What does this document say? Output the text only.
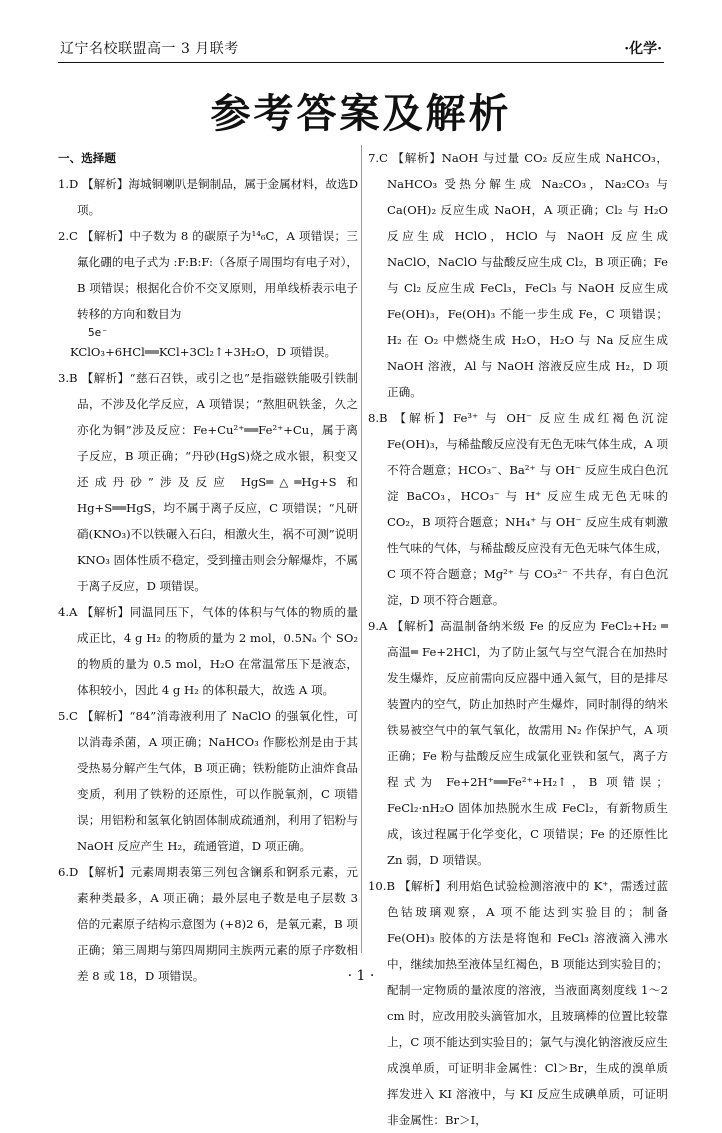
辽宁名校联盟高一 3 月联考	·化学·
参考答案及解析
一、选择题

1.D 【解析】海城铜喇叭是铜制品，属于金属材料，故选D项。

2.C 【解析】中子数为 8 的碳原子为¹⁴₆C，A 项错误；三氟化硼的电子式为 :F:B:F:（各原子周围均有电子对），B 项错误；根据化合价不交叉原则，用单线桥表示电子转移的方向和数目为

5e⁻

KClO₃+6HCl══KCl+3Cl₂↑+3H₂O，D 项错误。

3.B 【解析】“慈石召铁，或引之也”是指磁铁能吸引铁制品，不涉及化学反应，A 项错误；“熬胆矾铁釜，久之亦化为铜”涉及反应：Fe+Cu²⁺══Fe²⁺+Cu，属于离子反应，B 项正确；“丹砂(HgS)烧之成水银，积变又还成丹砂”涉及反应 HgS═△═Hg+S 和 Hg+S══HgS，均不属于离子反应，C 项错误；“凡研硝(KNO₃)不以铁碾入石臼，相激火生，祸不可测”说明 KNO₃ 固体性质不稳定，受到撞击则会分解爆炸，不属于离子反应，D 项错误。

4.A 【解析】同温同压下，气体的体积与气体的物质的量成正比，4 g H₂ 的物质的量为 2 mol，0.5Nₐ 个 SO₂ 的物质的量为 0.5 mol，H₂O 在常温常压下是液态，体积较小，因此 4 g H₂ 的体积最大，故选 A 项。

5.C 【解析】“84”消毒液利用了 NaClO 的强氧化性，可以消毒杀菌，A 项正确；NaHCO₃ 作膨松剂是由于其受热易分解产生气体，B 项正确；铁粉能防止油炸食品变质，利用了铁粉的还原性，可以作脱氧剂，C 项错误；用铝粉和氢氧化钠固体制成疏通剂，利用了铝粉与 NaOH 反应产生 H₂，疏通管道，D 项正确。

6.D 【解析】元素周期表第三列包含镧系和锕系元素，元素种类最多，A 项正确；最外层电子数是电子层数 3 倍的元素原子结构示意图为 (+8)2 6，是氧元素，B 项正确；第三周期与第四周期同主族两元素的原子序数相差 8 或 18，D 项错误。

7.C 【解析】NaOH 与过量 CO₂ 反应生成 NaHCO₃，NaHCO₃ 受热分解生成 Na₂CO₃，Na₂CO₃ 与 Ca(OH)₂ 反应生成 NaOH，A 项正确；Cl₂ 与 H₂O 反应生成 HClO，HClO 与 NaOH 反应生成 NaClO，NaClO 与盐酸反应生成 Cl₂，B 项正确；Fe 与 Cl₂ 反应生成 FeCl₃，FeCl₃ 与 NaOH 反应生成 Fe(OH)₃，Fe(OH)₃ 不能一步生成 Fe，C 项错误；H₂ 在 O₂ 中燃烧生成 H₂O，H₂O 与 Na 反应生成 NaOH 溶液，Al 与 NaOH 溶液反应生成 H₂，D 项正确。

8.B 【解析】Fe³⁺ 与 OH⁻ 反应生成红褐色沉淀 Fe(OH)₃，与稀盐酸反应没有无色无味气体生成，A 项不符合题意；HCO₃⁻、Ba²⁺ 与 OH⁻ 反应生成白色沉淀 BaCO₃，HCO₃⁻ 与 H⁺ 反应生成无色无味的 CO₂，B 项符合题意；NH₄⁺ 与 OH⁻ 反应生成有刺激性气味的气体，与稀盐酸反应没有无色无味气体生成，C 项不符合题意；Mg²⁺ 与 CO₃²⁻ 不共存，有白色沉淀，D 项不符合题意。

9.A 【解析】高温制备纳米级 Fe 的反应为 FeCl₂+H₂ ═高温═ Fe+2HCl，为了防止氢气与空气混合在加热时发生爆炸，反应前需向反应器中通入氮气，目的是排尽装置内的空气，防止加热时产生爆炸，同时制得的纳米铁易被空气中的氧气氧化，故需用 N₂ 作保护气，A 项正确；Fe 粉与盐酸反应生成氯化亚铁和氢气，离子方程式为 Fe+2H⁺══Fe²⁺+H₂↑，B 项错误；FeCl₂·nH₂O 固体加热脱水生成 FeCl₂，有新物质生成，该过程属于化学变化，C 项错误；Fe 的还原性比 Zn 弱，D 项错误。

10.B 【解析】利用焰色试验检测溶液中的 K⁺，需透过蓝色钴玻璃观察，A 项不能达到实验目的；制备 Fe(OH)₃ 胶体的方法是将饱和 FeCl₃ 溶液滴入沸水中，继续加热至液体呈红褐色，B 项能达到实验目的；配制一定物质的量浓度的溶液，当液面离刻度线 1～2 cm 时，应改用胶头滴管加水，且玻璃棒的位置比较靠上，C 项不能达到实验目的；氯气与溴化钠溶液反应生成溴单质，可证明非金属性：Cl＞Br，生成的溴单质挥发进入 KI 溶液中，与 KI 反应生成碘单质，可证明非金属性：Br＞I，

· 1 ·
